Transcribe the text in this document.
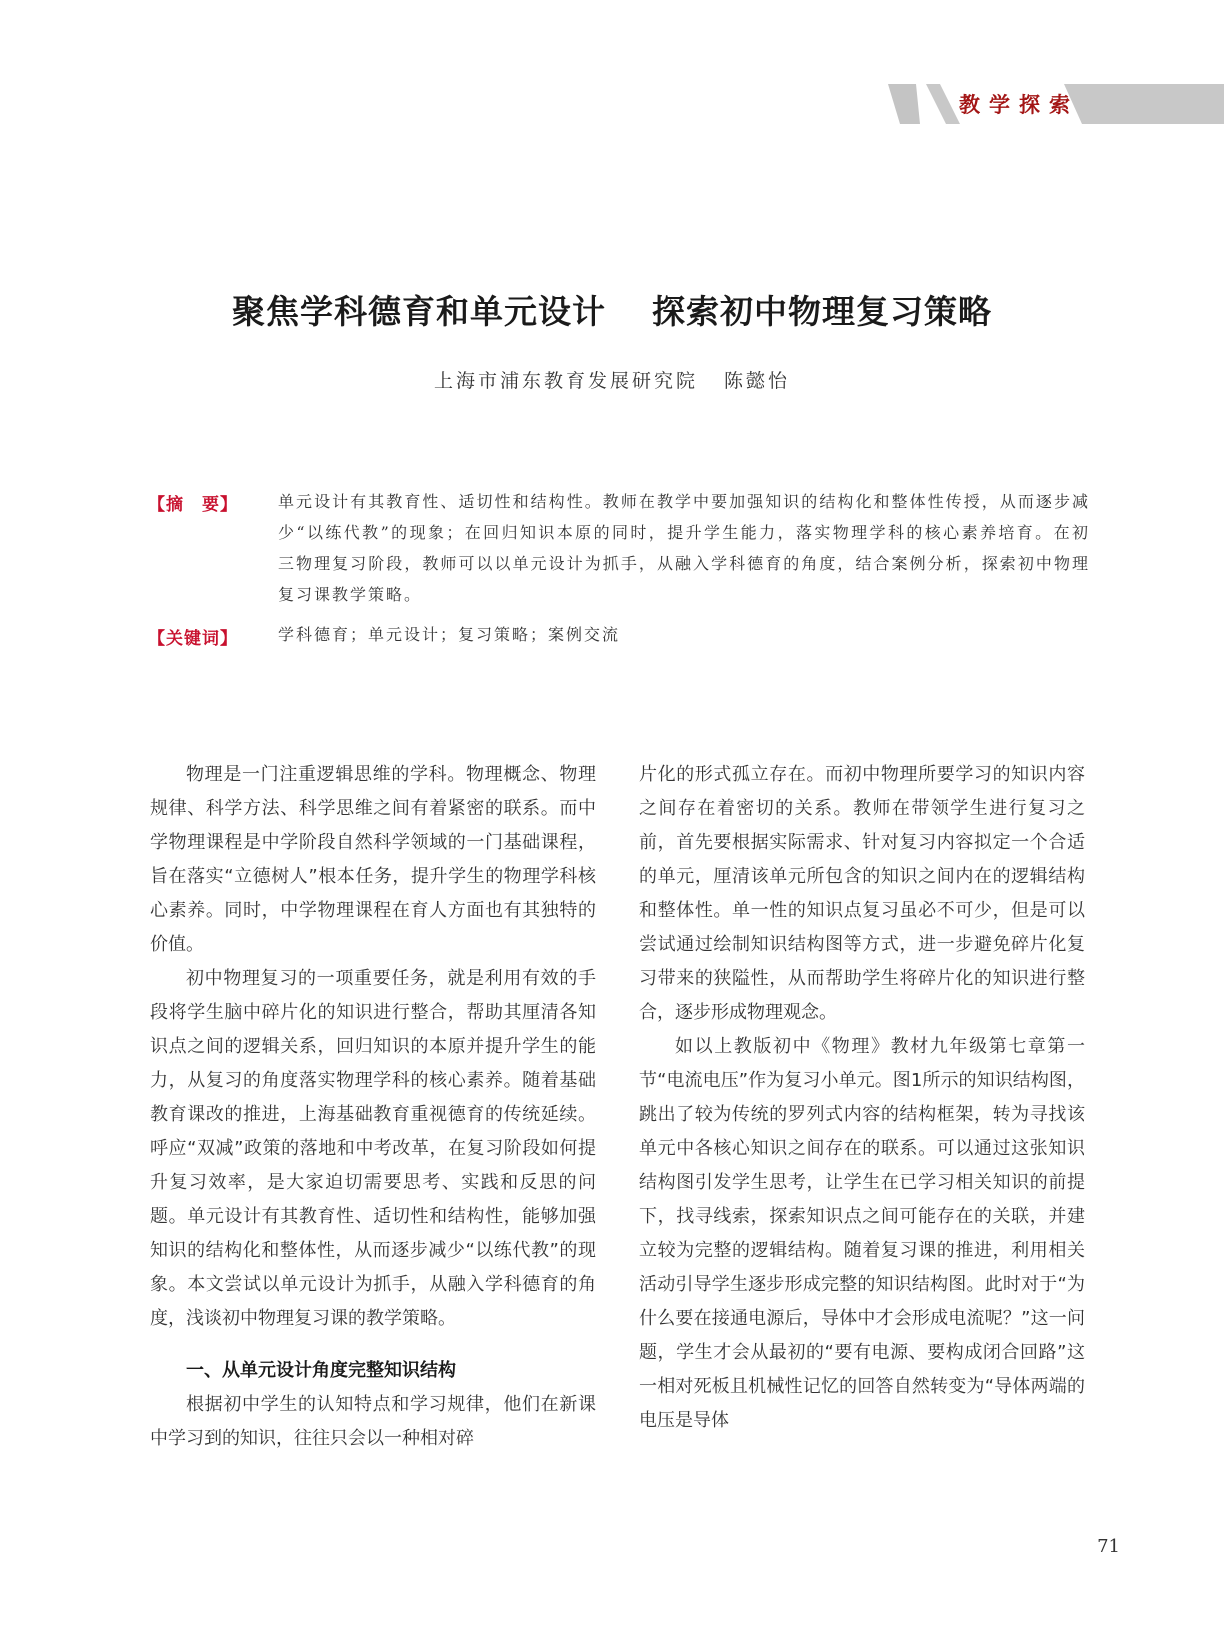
教学探索
聚焦学科德育和单元设计 探索初中物理复习策略
上海市浦东教育发展研究院 陈懿怡
【摘　要】	单元设计有其教育性、适切性和结构性。教师在教学中要加强知识的结构化和整体性传授，从而逐步减少“以练代教”的现象；在回归知识本原的同时，提升学生能力，落实物理学科的核心素养培育。在初三物理复习阶段，教师可以以单元设计为抓手，从融入学科德育的角度，结合案例分析，探索初中物理复习课教学策略。
【关键词】	学科德育；单元设计；复习策略；案例交流

物理是一门注重逻辑思维的学科。物理概念、物理规律、科学方法、科学思维之间有着紧密的联系。而中学物理课程是中学阶段自然科学领域的一门基础课程，旨在落实“立德树人”根本任务，提升学生的物理学科核心素养。同时，中学物理课程在育人方面也有其独特的价值。

初中物理复习的一项重要任务，就是利用有效的手段将学生脑中碎片化的知识进行整合，帮助其厘清各知识点之间的逻辑关系，回归知识的本原并提升学生的能力，从复习的角度落实物理学科的核心素养。随着基础教育课改的推进，上海基础教育重视德育的传统延续。呼应“双减”政策的落地和中考改革，在复习阶段如何提升复习效率，是大家迫切需要思考、实践和反思的问题。单元设计有其教育性、适切性和结构性，能够加强知识的结构化和整体性，从而逐步减少“以练代教”的现象。本文尝试以单元设计为抓手，从融入学科德育的角度，浅谈初中物理复习课的教学策略。

一、从单元设计角度完整知识结构

根据初中学生的认知特点和学习规律，他们在新课中学习到的知识，往往只会以一种相对碎

片化的形式孤立存在。而初中物理所要学习的知识内容之间存在着密切的关系。教师在带领学生进行复习之前，首先要根据实际需求、针对复习内容拟定一个合适的单元，厘清该单元所包含的知识之间内在的逻辑结构和整体性。单一性的知识点复习虽必不可少，但是可以尝试通过绘制知识结构图等方式，进一步避免碎片化复习带来的狭隘性，从而帮助学生将碎片化的知识进行整合，逐步形成物理观念。

如以上教版初中《物理》教材九年级第七章第一节“电流电压”作为复习小单元。图1所示的知识结构图，跳出了较为传统的罗列式内容的结构框架，转为寻找该单元中各核心知识之间存在的联系。可以通过这张知识结构图引发学生思考，让学生在已学习相关知识的前提下，找寻线索，探索知识点之间可能存在的关联，并建立较为完整的逻辑结构。随着复习课的推进，利用相关活动引导学生逐步形成完整的知识结构图。此时对于“为什么要在接通电源后，导体中才会形成电流呢？”这一问题，学生才会从最初的“要有电源、要构成闭合回路”这一相对死板且机械性记忆的回答自然转变为“导体两端的电压是导体

71
